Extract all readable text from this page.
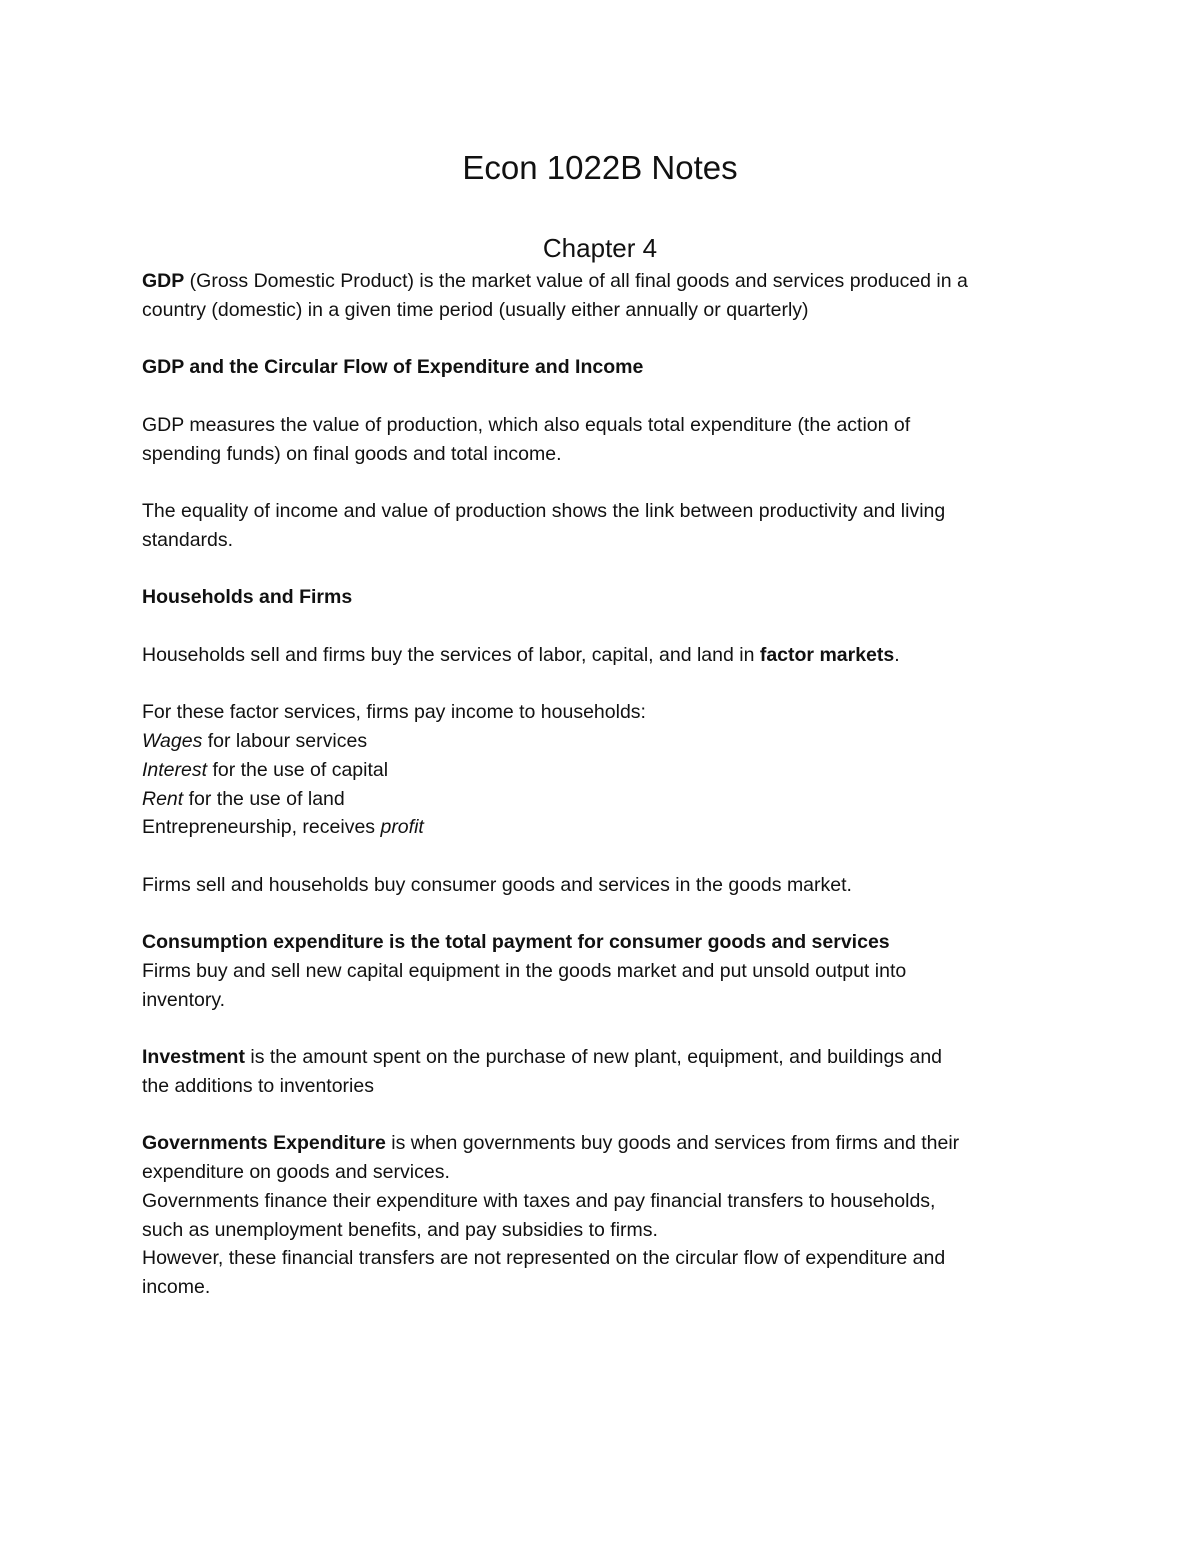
Econ 1022B Notes
Chapter 4

GDP (Gross Domestic Product) is the market value of all final goods and services produced in a

country (domestic) in a given time period (usually either annually or quarterly)

GDP and the Circular Flow of Expenditure and Income

GDP measures the value of production, which also equals total expenditure (the action of

spending funds) on final goods and total income.

The equality of income and value of production shows the link between productivity and living

standards.

Households and Firms

Households sell and firms buy the services of labor, capital, and land in factor markets.

For these factor services, firms pay income to households:

Wages for labour services

Interest for the use of capital

Rent for the use of land

Entrepreneurship, receives profit

Firms sell and households buy consumer goods and services in the goods market.

Consumption expenditure is the total payment for consumer goods and services

Firms buy and sell new capital equipment in the goods market and put unsold output into

inventory.

Investment is the amount spent on the purchase of new plant, equipment, and buildings and

the additions to inventories

Governments Expenditure is when governments buy goods and services from firms and their

expenditure on goods and services.

Governments finance their expenditure with taxes and pay financial transfers to households,

such as unemployment benefits, and pay subsidies to firms.

However, these financial transfers are not represented on the circular flow of expenditure and

income.
